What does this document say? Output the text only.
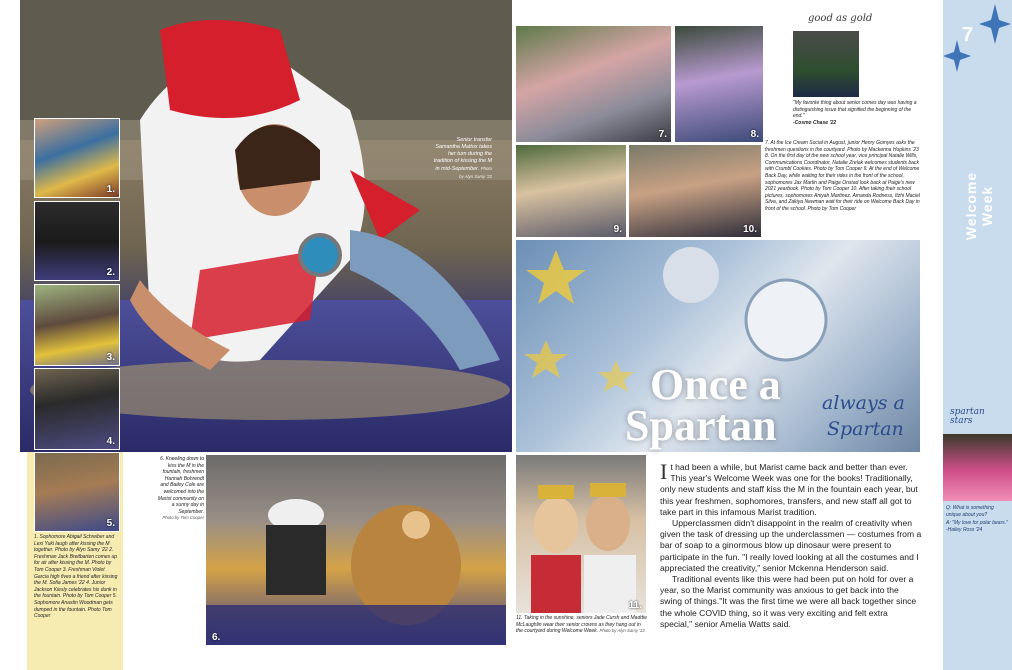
Senior transfer Samantha Mattox takes her turn during the tradition of kissing the M in mid-September. Photo by Alyn Samy '22
1.
2.
3.
4.
5.
1. Sophomore Abigail Schreiber and Lexi Yuki laugh after kissing the M together. Photo by Alyn Samy '22 2. Freshman Jack Breitbarten comes up for air after kissing the M. Photo by Tom Cooper 3. Freshman Violet Garcia high fives a friend after kissing the M. Sofia James '22 4. Junior Jackson Kiesly celebrates his dunk in the fountain. Photo by Tom Cooper 5. Sophomore Anastin Woodman gets dumped in the fountain. Photo Tom Cooper
6.
6. Kneeling down to kiss the M in the fountain, freshmen Hannah Bohrendt and Bailey Cole are welcomed into the Marist community on a sunny day in September.
Photo by Tom Cooper
7.	8.
good as gold
"My favorite thing about senior comes day was having a distinguishing issue that signified the beginning of the end."
-Cosmo Chase '22
9.	10.
7. At the Ice Cream Social in August, junior Henry Gomyes asks the freshmen questions in the courtyard. Photo by Mackenna Hopkins '23 8. On the first day of the new school year, vice principal Natalie Wills, Communications Coordinator, Natalie Zrelak welcomes students back with Crumbl Cookies. Photo by Tom Cooper 9. At the end of Welcome Back Day, while waiting for their rides in the front of the school, sophomores Jax Martin and Paige Onstad look back at Paige's new 2021 yearbook. Photo by Tom Cooper 10. After taking their school pictures, sophomores Aniyah Martinez, Amanda Rodness, Itzhi Maciel Silva, and Zakiya Newman wait for their ride on Welcome Back Day in front of the school. Photo by Tom Cooper
Once a
Spartan always a
Spartan
11.
11. Taking in the sunshine, seniors Jade Cursh and Maddie McLaughlin wear their senior crowns as they hang out in the courtyard during Welcome Week. Photo by Alyn Samy '22

It had been a while, but Marist came back and better than ever. This year's Welcome Week was one for the books! Traditionally, only new students and staff kiss the M in the fountain each year, but this year freshmen, sophomores, transfers, and new staff all got to take part in this infamous Marist tradition.

Upperclassmen didn't disappoint in the realm of creativity when given the task of dressing up the underclassmen — costumes from a bar of soap to a ginormous blow up dinosaur were present to participate in the fun. "I really loved looking at all the costumes and I appreciated the creativity," senior Mckenna Henderson said.

Traditional events like this were had been put on hold for over a year, so the Marist community was anxious to get back into the swing of things."It was the first time we were all back together since the whole COVID thing, so it was very exciting and felt extra special," senior Amelia Watts said.

7
Welcome Week
spartan stars
Q: What is something unique about you?
A: "My love for polar bears."
-Hailey Ross '24
